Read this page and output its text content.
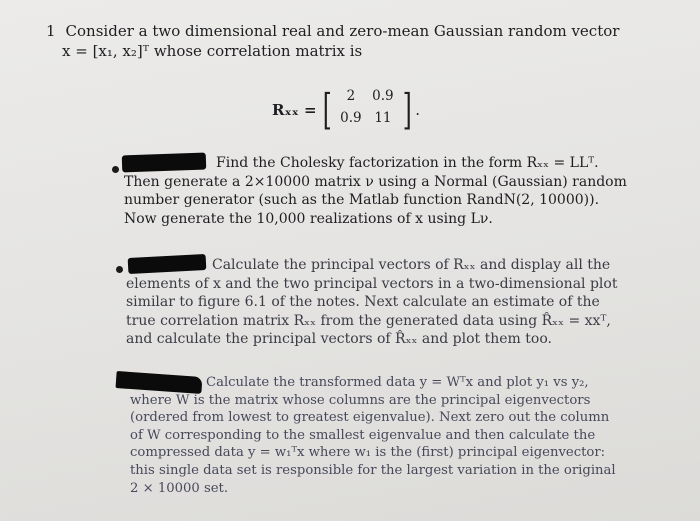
1 Consider a two dimensional real and zero-mean Gaussian random vector
x = [x₁, x₂]ᵀ whose correlation matrix is
Rₓₓ = [	2	0.9
0.9 11 ] .
Find the Cholesky factorization in the form Rₓₓ = LLᵀ.
Then generate a 2×10000 matrix ν using a Normal (Gaussian) random
number generator (such as the Matlab function RandN(2, 10000)).
Now generate the 10,000 realizations of x using Lν.
Calculate the principal vectors of Rₓₓ and display all the
elements of x and the two principal vectors in a two-dimensional plot
similar to figure 6.1 of the notes. Next calculate an estimate of the
true correlation matrix Rₓₓ from the generated data using R̂ₓₓ = xxᵀ,
and calculate the principal vectors of R̂ₓₓ and plot them too.
Calculate the transformed data y = Wᵀx and plot y₁ vs y₂,
where W is the matrix whose columns are the principal eigenvectors
(ordered from lowest to greatest eigenvalue). Next zero out the column
of W corresponding to the smallest eigenvalue and then calculate the
compressed data y = w₁ᵀx where w₁ is the (first) principal eigenvector:
this single data set is responsible for the largest variation in the original
2 × 10000 set.
